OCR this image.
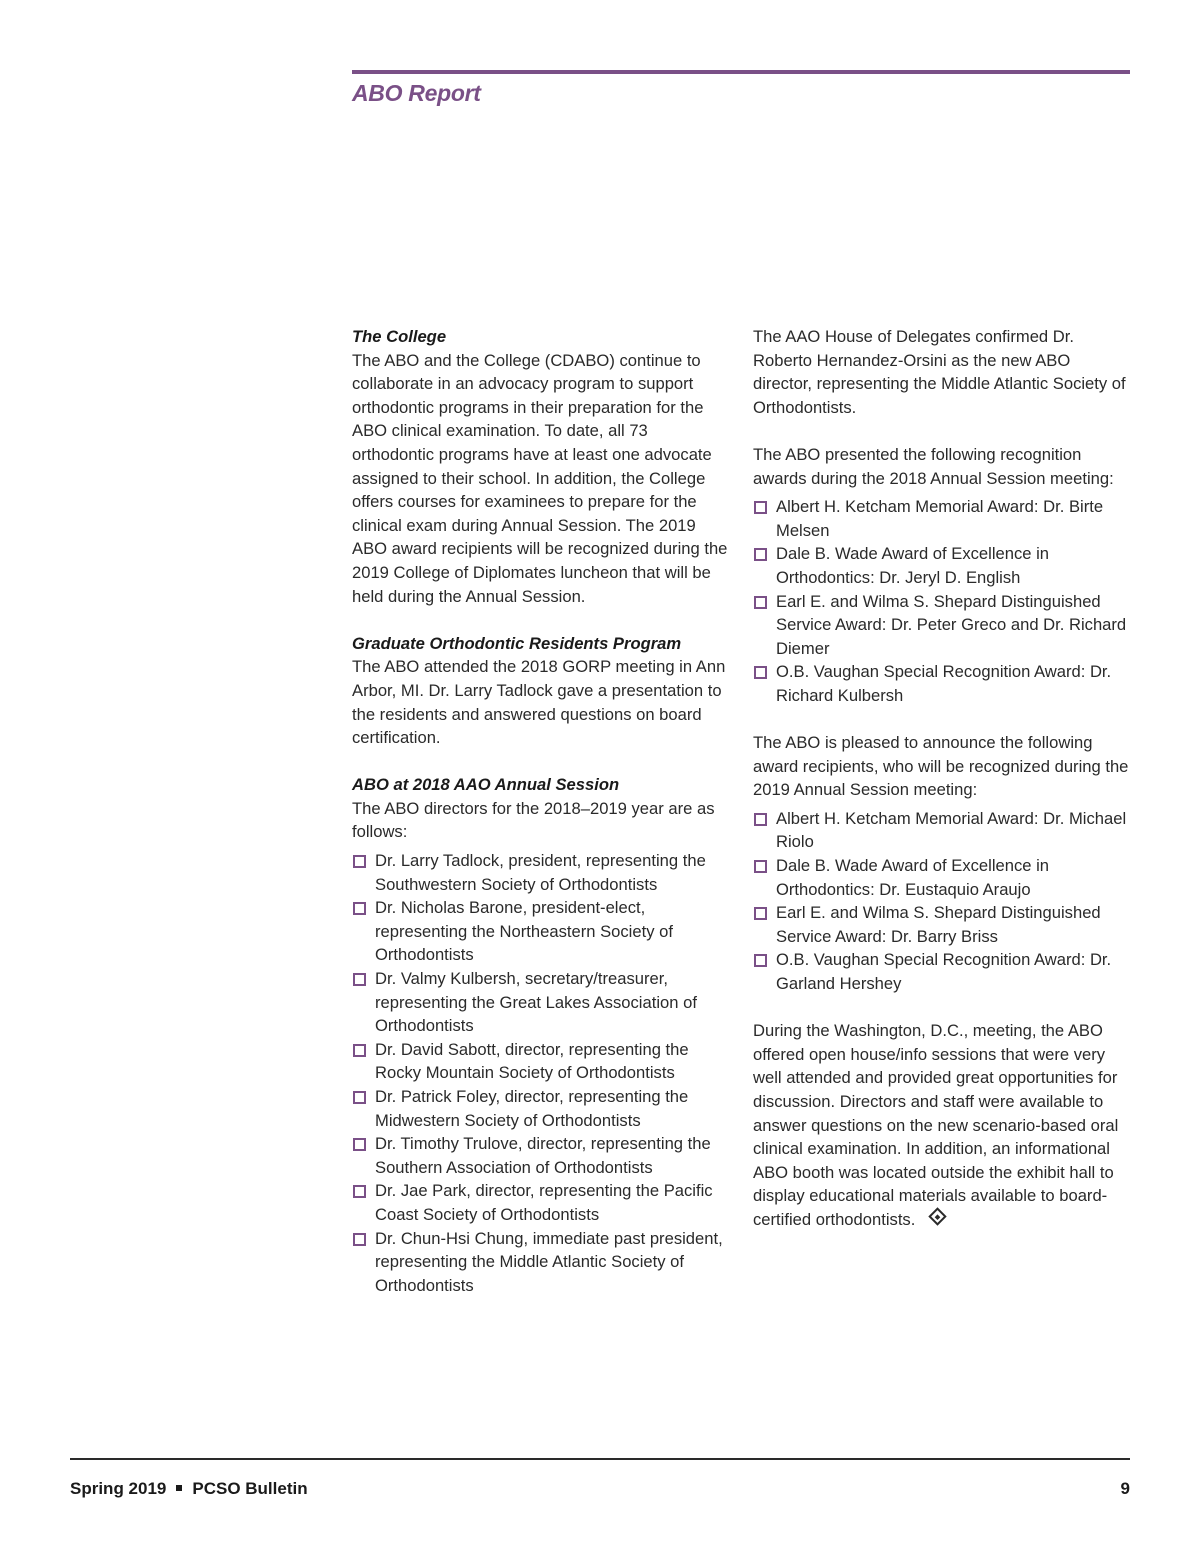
ABO Report
The College

The ABO and the College (CDABO) continue to collaborate in an advocacy program to support orthodontic programs in their preparation for the ABO clinical examination. To date, all 73 orthodontic programs have at least one advocate assigned to their school. In addition, the College offers courses for examinees to prepare for the clinical exam during Annual Session. The 2019 ABO award recipients will be recognized during the 2019 College of Diplomates luncheon that will be held during the Annual Session.

Graduate Orthodontic Residents Program

The ABO attended the 2018 GORP meeting in Ann Arbor, MI. Dr. Larry Tadlock gave a presentation to the residents and answered questions on board certification.

ABO at 2018 AAO Annual Session

The ABO directors for the 2018–2019 year are as follows:

Dr. Larry Tadlock, president, representing the Southwestern Society of Orthodontists
Dr. Nicholas Barone, president-elect, representing the Northeastern Society of Orthodontists
Dr. Valmy Kulbersh, secretary/treasurer, representing the Great Lakes Association of Orthodontists
Dr. David Sabott, director, representing the Rocky Mountain Society of Orthodontists
Dr. Patrick Foley, director, representing the Midwestern Society of Orthodontists
Dr. Timothy Trulove, director, representing the Southern Association of Orthodontists
Dr. Jae Park, director, representing the Pacific Coast Society of Orthodontists
Dr. Chun-Hsi Chung, immediate past president, representing the Middle Atlantic Society of Orthodontists

The AAO House of Delegates confirmed Dr. Roberto Hernandez-Orsini as the new ABO director, representing the Middle Atlantic Society of Orthodontists.

The ABO presented the following recognition awards during the 2018 Annual Session meeting:

Albert H. Ketcham Memorial Award: Dr. Birte Melsen
Dale B. Wade Award of Excellence in Orthodontics: Dr. Jeryl D. English
Earl E. and Wilma S. Shepard Distinguished Service Award: Dr. Peter Greco and Dr. Richard Diemer
O.B. Vaughan Special Recognition Award: Dr. Richard Kulbersh

The ABO is pleased to announce the following award recipients, who will be recognized during the 2019 Annual Session meeting:

Albert H. Ketcham Memorial Award: Dr. Michael Riolo
Dale B. Wade Award of Excellence in Orthodontics: Dr. Eustaquio Araujo
Earl E. and Wilma S. Shepard Distinguished Service Award: Dr. Barry Briss
O.B. Vaughan Special Recognition Award: Dr. Garland Hershey

During the Washington, D.C., meeting, the ABO offered open house/info sessions that were very well attended and provided great opportunities for discussion. Directors and staff were available to answer questions on the new scenario-based oral clinical examination. In addition, an informational ABO booth was located outside the exhibit hall to display educational materials available to board-certified orthodontists.

Spring 2019 PCSO Bulletin	9
